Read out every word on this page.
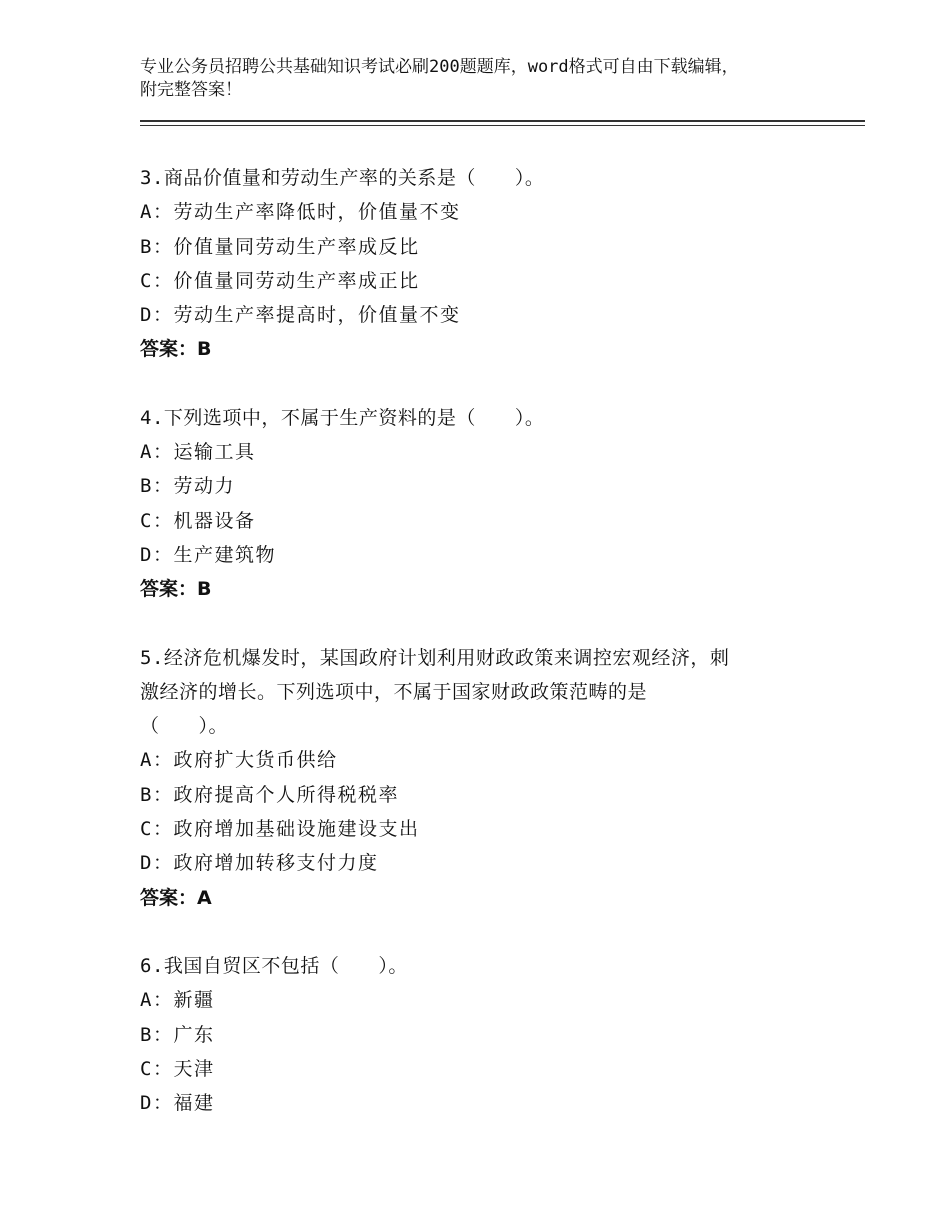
专业公务员招聘公共基础知识考试必刷200题题库，word格式可自由下载编辑，
附完整答案！

3.商品价值量和劳动生产率的关系是（　　）。

A：劳动生产率降低时，价值量不变

B：价值量同劳动生产率成反比

C：价值量同劳动生产率成正比

D：劳动生产率提高时，价值量不变

答案：B

4.下列选项中，不属于生产资料的是（　　）。

A：运输工具

B：劳动力

C：机器设备

D：生产建筑物

答案：B

5.经济危机爆发时，某国政府计划利用财政政策来调控宏观经济，刺

激经济的增长。下列选项中，不属于国家财政政策范畴的是

（　　）。

A：政府扩大货币供给

B：政府提高个人所得税税率

C：政府增加基础设施建设支出

D：政府增加转移支付力度

答案：A

6.我国自贸区不包括（　　）。

A：新疆

B：广东

C：天津

D：福建
